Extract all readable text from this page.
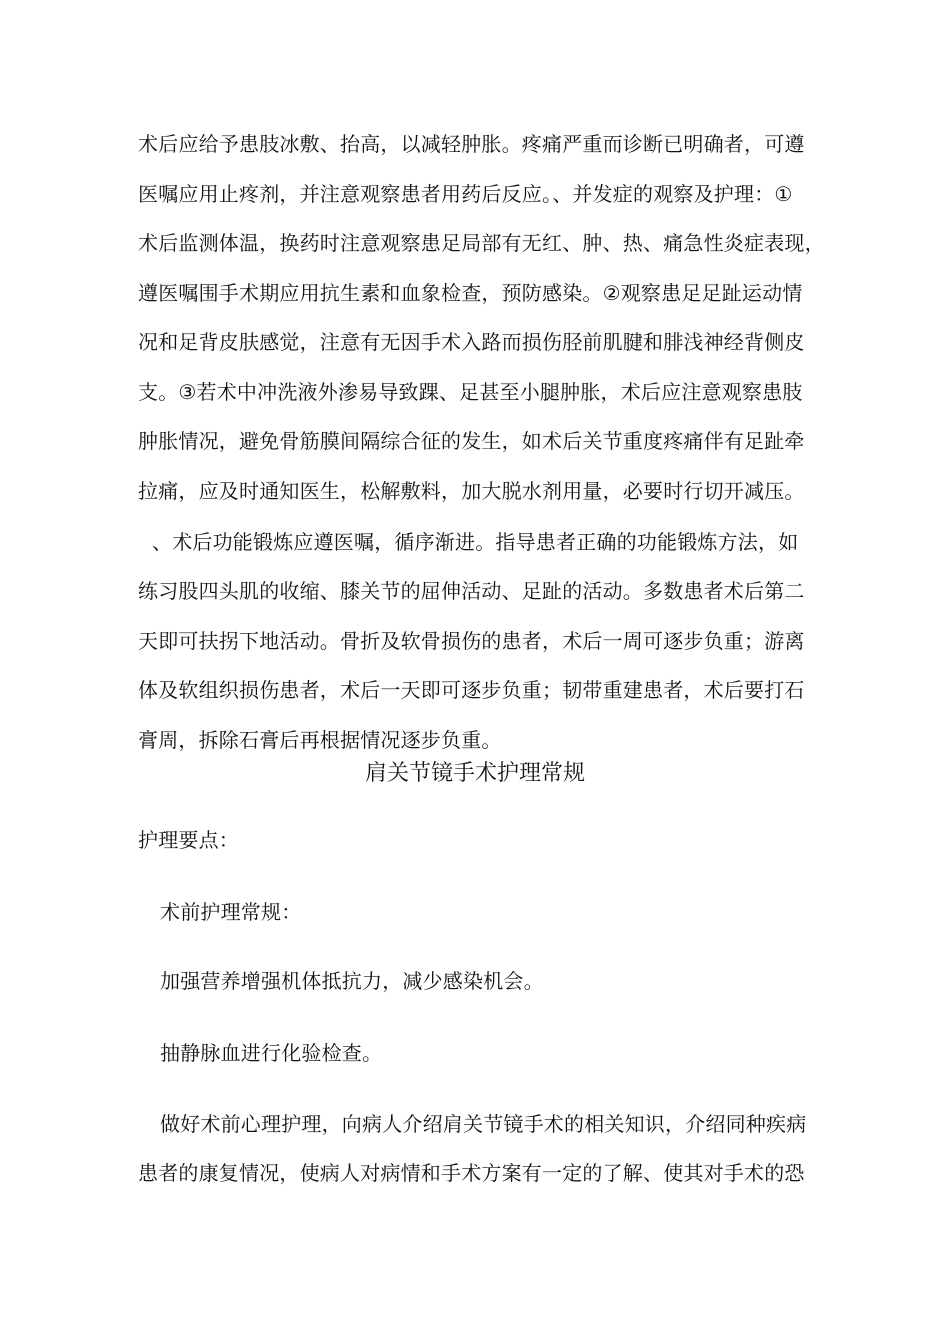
术后应给予患肢冰敷、抬高，以减轻肿胀。疼痛严重而诊断已明确者，可遵
医嘱应用止疼剂，并注意观察患者用药后反应。、并发症的观察及护理：①
术后监测体温，换药时注意观察患足局部有无红、肿、热、痛急性炎症表现，
遵医嘱围手术期应用抗生素和血象检查，预防感染。②观察患足足趾运动情
况和足背皮肤感觉，注意有无因手术入路而损伤胫前肌腱和腓浅神经背侧皮
支。③若术中冲洗液外渗易导致踝、足甚至小腿肿胀，术后应注意观察患肢
肿胀情况，避免骨筋膜间隔综合征的发生，如术后关节重度疼痛伴有足趾牵
拉痛，应及时通知医生，松解敷料，加大脱水剂用量，必要时行切开减压。
、术后功能锻炼应遵医嘱，循序渐进。指导患者正确的功能锻炼方法，如
练习股四头肌的收缩、膝关节的屈伸活动、足趾的活动。多数患者术后第二
天即可扶拐下地活动。骨折及软骨损伤的患者，术后一周可逐步负重；游离
体及软组织损伤患者，术后一天即可逐步负重；韧带重建患者，术后要打石
膏周，拆除石膏后再根据情况逐步负重。
肩关节镜手术护理常规
护理要点：
术前护理常规：
加强营养增强机体抵抗力，减少感染机会。
抽静脉血进行化验检查。
做好术前心理护理，向病人介绍肩关节镜手术的相关知识，介绍同种疾病
患者的康复情况，使病人对病情和手术方案有一定的了解、使其对手术的恐
